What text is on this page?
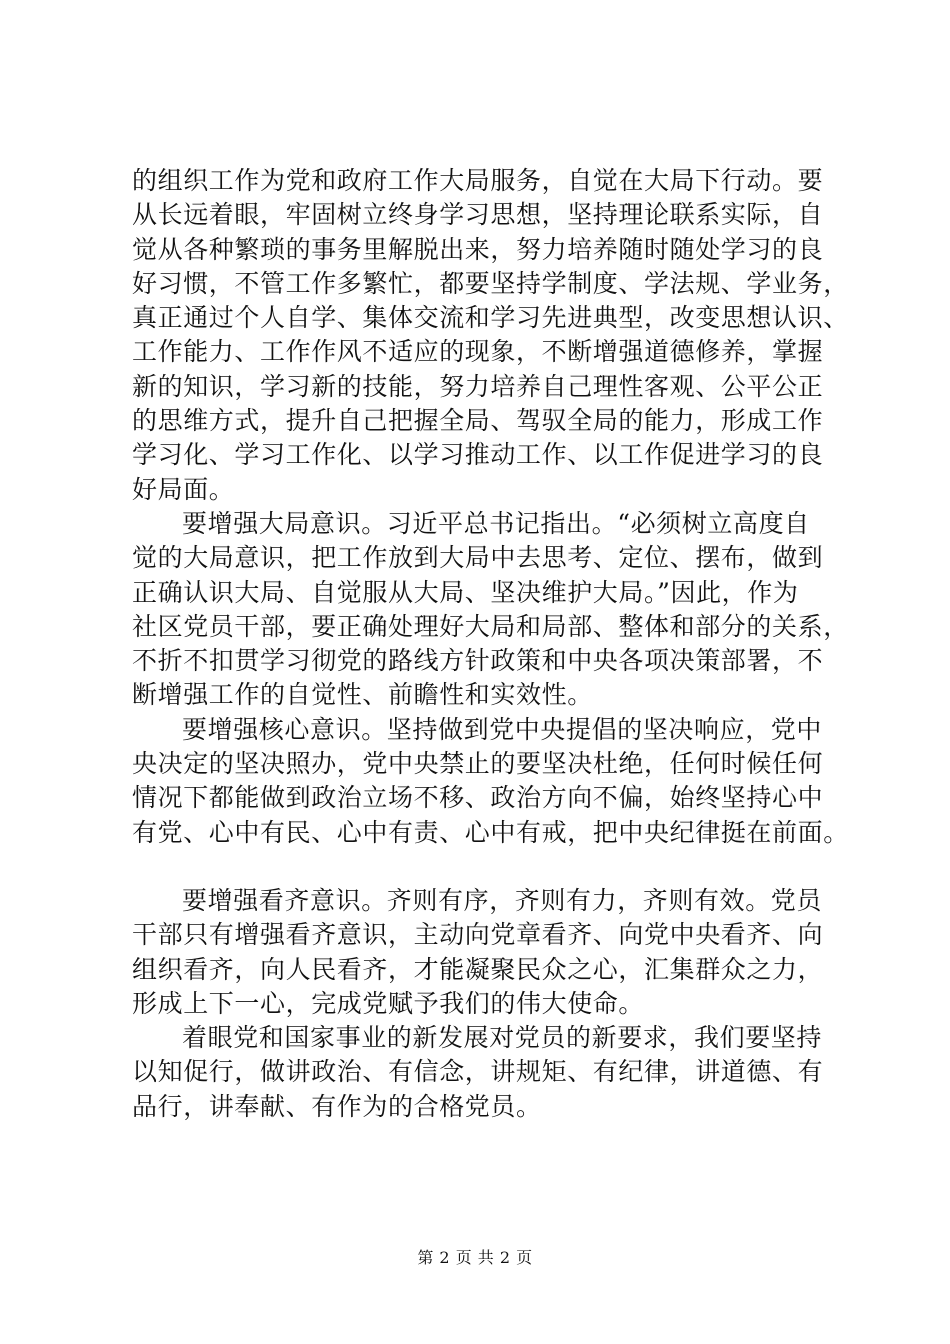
的组织工作为党和政府工作大局服务，自觉在大局下行动。要
从长远着眼，牢固树立终身学习思想，坚持理论联系实际，自
觉从各种繁琐的事务里解脱出来，努力培养随时随处学习的良
好习惯，不管工作多繁忙，都要坚持学制度、学法规、学业务，
真正通过个人自学、集体交流和学习先进典型，改变思想认识、
工作能力、工作作风不适应的现象，不断增强道德修养，掌握
新的知识，学习新的技能，努力培养自己理性客观、公平公正
的思维方式，提升自己把握全局、驾驭全局的能力，形成工作
学习化、学习工作化、以学习推动工作、以工作促进学习的良
好局面。

要增强大局意识。习近平总书记指出。“必须树立高度自
觉的大局意识，把工作放到大局中去思考、定位、摆布，做到
正确认识大局、自觉服从大局、坚决维护大局。”因此，作为
社区党员干部，要正确处理好大局和局部、整体和部分的关系，
不折不扣贯学习彻党的路线方针政策和中央各项决策部署，不
断增强工作的自觉性、前瞻性和实效性。

要增强核心意识。坚持做到党中央提倡的坚决响应，党中
央决定的坚决照办，党中央禁止的要坚决杜绝，任何时候任何
情况下都能做到政治立场不移、政治方向不偏，始终坚持心中
有党、心中有民、心中有责、心中有戒，把中央纪律挺在前面。

要增强看齐意识。齐则有序，齐则有力，齐则有效。党员
干部只有增强看齐意识，主动向党章看齐、向党中央看齐、向
组织看齐，向人民看齐，才能凝聚民众之心，汇集群众之力，
形成上下一心，完成党赋予我们的伟大使命。

着眼党和国家事业的新发展对党员的新要求，我们要坚持
以知促行，做讲政治、有信念，讲规矩、有纪律，讲道德、有
品行，讲奉献、有作为的合格党员。

第 2 页 共 2 页
